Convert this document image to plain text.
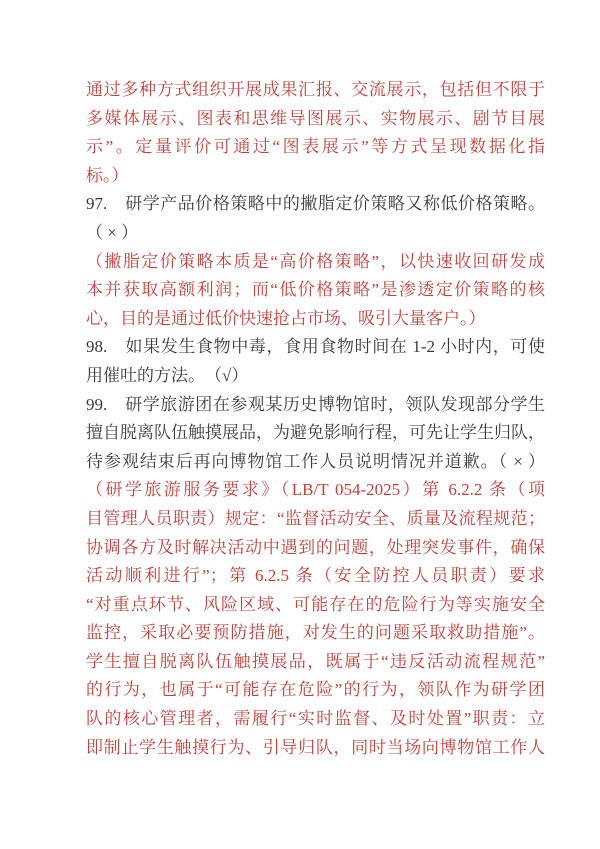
通过多种方式组织开展成果汇报、交流展示，包括但不限于
多媒体展示、图表和思维导图展示、实物展示、剧节目展
示”。定量评价可通过“图表展示”等方式呈现数据化指
标。）
97.　研学产品价格策略中的撇脂定价策略又称低价格策略。
（ × ）
（撇脂定价策略本质是“高价格策略”，以快速收回研发成
本并获取高额利润；而“低价格策略”是渗透定价策略的核
心，目的是通过低价快速抢占市场、吸引大量客户。）
98.　如果发生食物中毒，食用食物时间在 1-2 小时内，可使
用催吐的方法。　（√）
99.　研学旅游团在参观某历史博物馆时，领队发现部分学生
擅自脱离队伍触摸展品，为避免影响行程，可先让学生归队，
待参观结束后再向博物馆工作人员说明情况并道歉。（ × ）
（研学旅游服务要求》（LB/T 054-2025）第 6.2.2 条（项
目管理人员职责）规定：“监督活动安全、质量及流程规范；
协调各方及时解决活动中遇到的问题，处理突发事件，确保
活动顺利进行”；第 6.2.5 条（安全防控人员职责）要求
“对重点环节、风险区域、可能存在的危险行为等实施安全
监控，采取必要预防措施，对发生的问题采取救助措施”。
学生擅自脱离队伍触摸展品，既属于“违反活动流程规范”
的行为，也属于“可能存在危险”的行为，领队作为研学团
队的核心管理者，需履行“实时监督、及时处置”职责：立
即制止学生触摸行为、引导归队，同时当场向博物馆工作人
